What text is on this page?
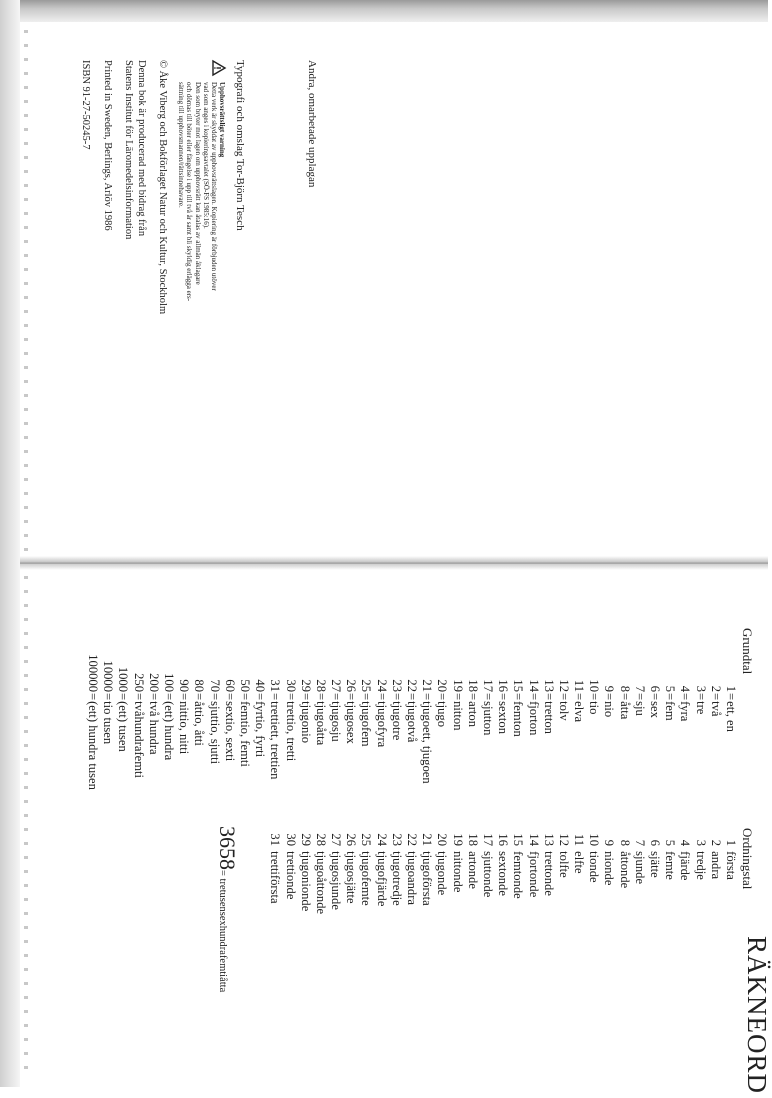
Andra, omarbetade upplagan

Typografi och omslag Tor-Björn Tesch

Upphovsrättsligt varning
Detta verk är skyddat av upphovsrättslagen. Kopiering är förbjuden utöver
vad som anges i kopieringsavtalet (SÖ-FS 1985:16).
Den som bryter mot lagen om upphovsrätt kan åtalas av allmän åklagare
och dömas till böter eller fängelse i upp till två år samt bli skyldig erlägga ers-
sättning till upphovsmannen/rättsinnehavare.

© Åke Viberg och Bokförlaget Natur och Kultur, Stockholm

Denna bok är producerad med bidrag från
Statens Institut för Läromedelsinformation

Printed in Sweden, Berlings, Arlöv 1986

ISBN 91-27-50245-7

RÄKNEORD
Grundtal
Ordningstal
1=ett, en
2=två
3=tre
4=fyra
5=fem
6=sex
7=sju
8=åtta
9=nio
10=tio
11=elva
12=tolv
13=tretton
14=fjorton
15=femton
16=sexton
17=sjutton
18=arton
19=nitton
20=tjugo
21=tjugoett, tjugoen
22=tjugotvå
23=tjugotre
24=tjugofyra
25=tjugofem
26=tjugosex
27=tjugosju
28=tjugoåtta
29=tjugonio
30=trettio, tretti
31=trettiett, trettien
40=fyrtio, fyrti
50=femtio, femti
60=sextio, sexti
70=sjuttio, sjutti
80=åttio, åtti
90=nittio, nitti
100=(ett) hundra
200=två hundra
250=tvåhundrafemti
1000=(ett) tusen
10000=tio tusen
100000=(ett) hundra tusen
1 första
2 andra
3 tredje
4 fjärde
5 femte
6 sjätte
7 sjunde
8 åttonde
9 nionde
10 tionde
11 elfte
12 tolfte
13 trettonde
14 fjortonde
15 femtonde
16 sextonde
17 sjuttonde
18 artonde
19 nittonde
20 tjugonde
21 tjugoförsta
22 tjugoandra
23 tjugotredje
24 tjugofjärde
25 tjugofemte
26 tjugosjätte
27 tjugosjunde
28 tjugoåttonde
29 tjugonionde
30 trettionde
31 trettiförsta
3658= tretusensexhundrafemtiåtta
